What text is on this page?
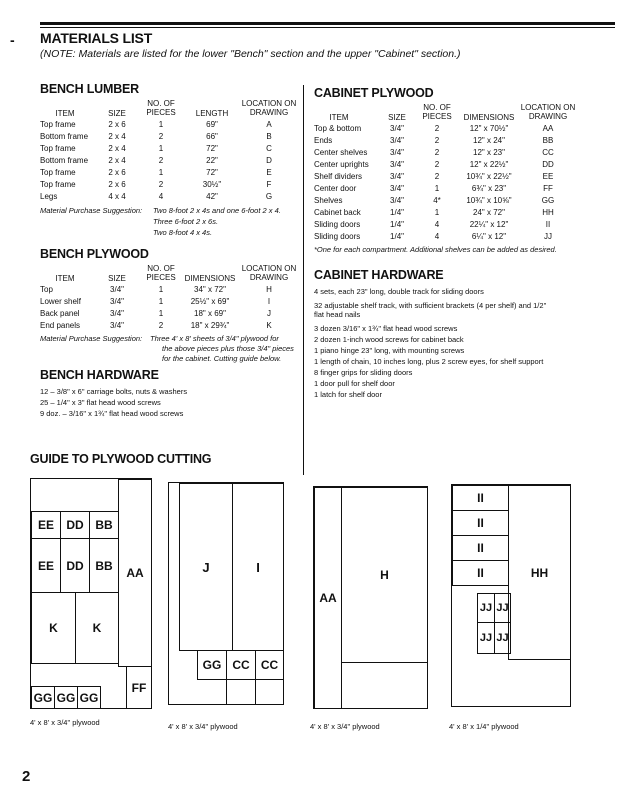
- MATERIALS LIST
(NOTE: Materials are listed for the lower "Bench" section and the upper "Cabinet" section.)
BENCH LUMBER
ITEM	SIZE
NO. OF PIECES	LENGTH
LOCATION ON DRAWING
Top frame	2 x 6	1	69"	A
Bottom frame	2 x 4	2	66"	B
Top frame	2 x 4	1	72"	C
Bottom frame	2 x 4	2	22"	D
Top frame	2 x 6	1	72"	E
Top frame	2 x 6	2	30½"	F
Legs	4 x 4	4	42"	G
Material Purchase Suggestion: Two 8-foot 2 x 4s and one 6-foot 2 x 4.
Three 6-foot 2 x 6s.
Two 8-foot 4 x 4s.
BENCH PLYWOOD
ITEM	SIZE
NO. OF PIECES	DIMENSIONS
LOCATION ON DRAWING
Top	3/4"	1	34" x 72"	H
Lower shelf	3/4"	1	25½" x 69"	I
Back panel	3/4"	1	18" x 69"	J
End panels	3/4"	2	18" x 29¾"	K
Material Purchase Suggestion: Three 4' x 8' sheets of 3/4" plywood for
the above pieces plus those 3/4" pieces
for the cabinet. Cutting guide below.
BENCH HARDWARE
12 – 3/8" x 6" carriage bolts, nuts & washers
25 – 1/4" x 3" flat head wood screws
9 doz. – 3/16" x 1¾" flat head wood screws
CABINET PLYWOOD
ITEM	SIZE
NO. OF PIECES	DIMENSIONS
LOCATION ON DRAWING
Top & bottom	3/4"	2	12" x 70½"	AA
Ends	3/4"	2	12" x 24"	BB
Center shelves	3/4"	2	12" x 23"	CC
Center uprights	3/4"	2	12" x 22½"	DD
Shelf dividers	3/4"	2	10¾" x 22½"	EE
Center door	3/4"	1	6¾" x 23"	FF
Shelves	3/4"	4*	10¾" x 10⅝"	GG
Cabinet back	1/4"	1	24" x 72"	HH
Sliding doors	1/4"	4	22¼" x 12"	II
Sliding doors	1/4"	4	6¼" x 12"	JJ
*One for each compartment. Additional shelves can be added as desired.
CABINET HARDWARE
4 sets, each 23" long, double track for sliding doors
32 adjustable shelf track, with sufficient brackets (4 per shelf) and 1/2"
flat head nails
3 dozen 3/16" x 1¾" flat head wood screws
2 dozen 1-inch wood screws for cabinet back
1 piano hinge 23" long, with mounting screws
1 length of chain, 10 inches long, plus 2 screw eyes, for shelf support
8 finger grips for sliding doors
1 door pull for shelf door
1 latch for shelf door
GUIDE TO PLYWOOD CUTTING
EE	DD BB
EE	DD BB
AA
K	K
FF
GG GG GG
4' x 8' x 3/4" plywood
J	I
GG CC CC
4' x 8' x 3/4" plywood
AA
H
4' x 8' x 3/4" plywood
II
II
II
II	HH
JJ JJ
JJ JJ
4' x 8' x 1/4" plywood
2
